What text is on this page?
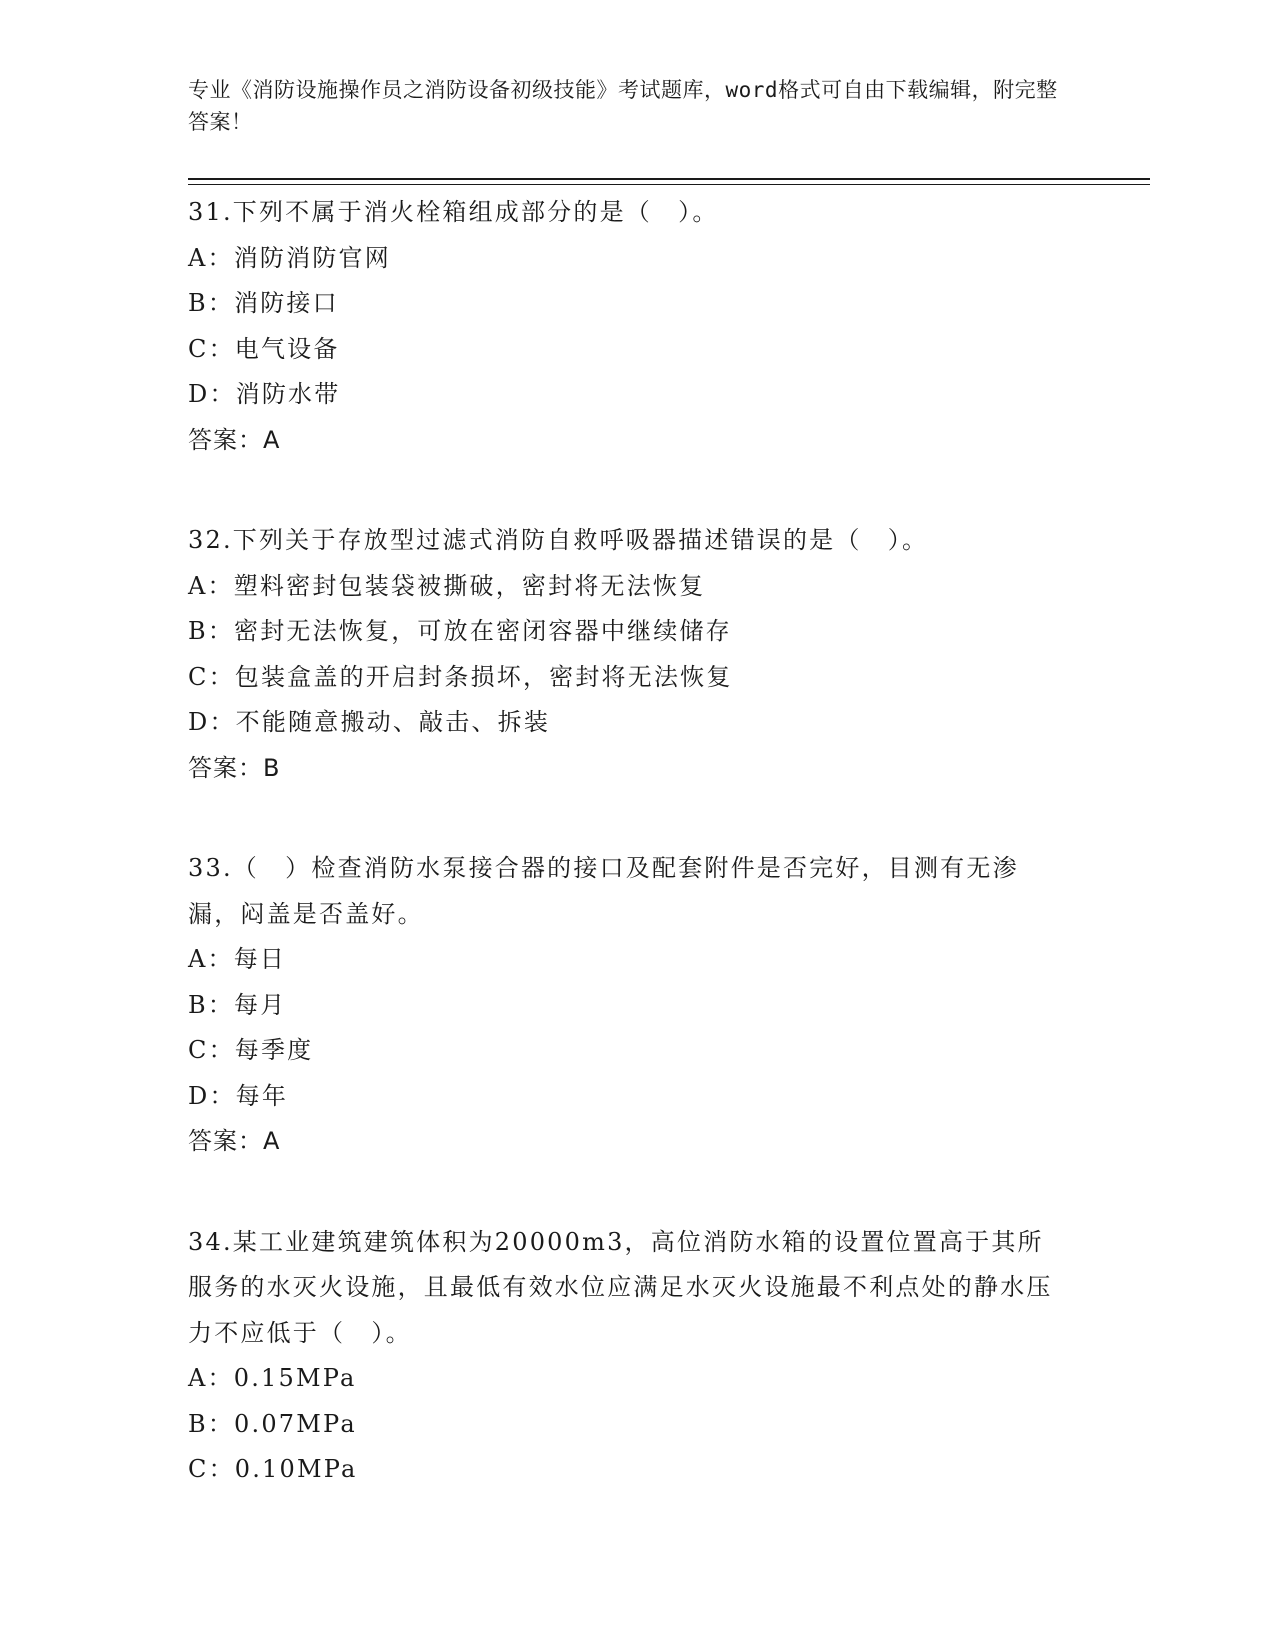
专业《消防设施操作员之消防设备初级技能》考试题库，word格式可自由下载编辑，附完整答案！
31.下列不属于消火栓箱组成部分的是（　）。
A：消防消防官网
B：消防接口
C：电气设备
D：消防水带
答案：A
32.下列关于存放型过滤式消防自救呼吸器描述错误的是（　）。
A：塑料密封包装袋被撕破，密封将无法恢复
B：密封无法恢复，可放在密闭容器中继续储存
C：包装盒盖的开启封条损坏，密封将无法恢复
D：不能随意搬动、敲击、拆装
答案：B
33.（　）检查消防水泵接合器的接口及配套附件是否完好，目测有无渗漏，闷盖是否盖好。
A：每日
B：每月
C：每季度
D：每年
答案：A
34.某工业建筑建筑体积为20000m3，高位消防水箱的设置位置高于其所服务的水灭火设施，且最低有效水位应满足水灭火设施最不利点处的静水压力不应低于（　）。
A：0.15MPa
B：0.07MPa
C：0.10MPa
